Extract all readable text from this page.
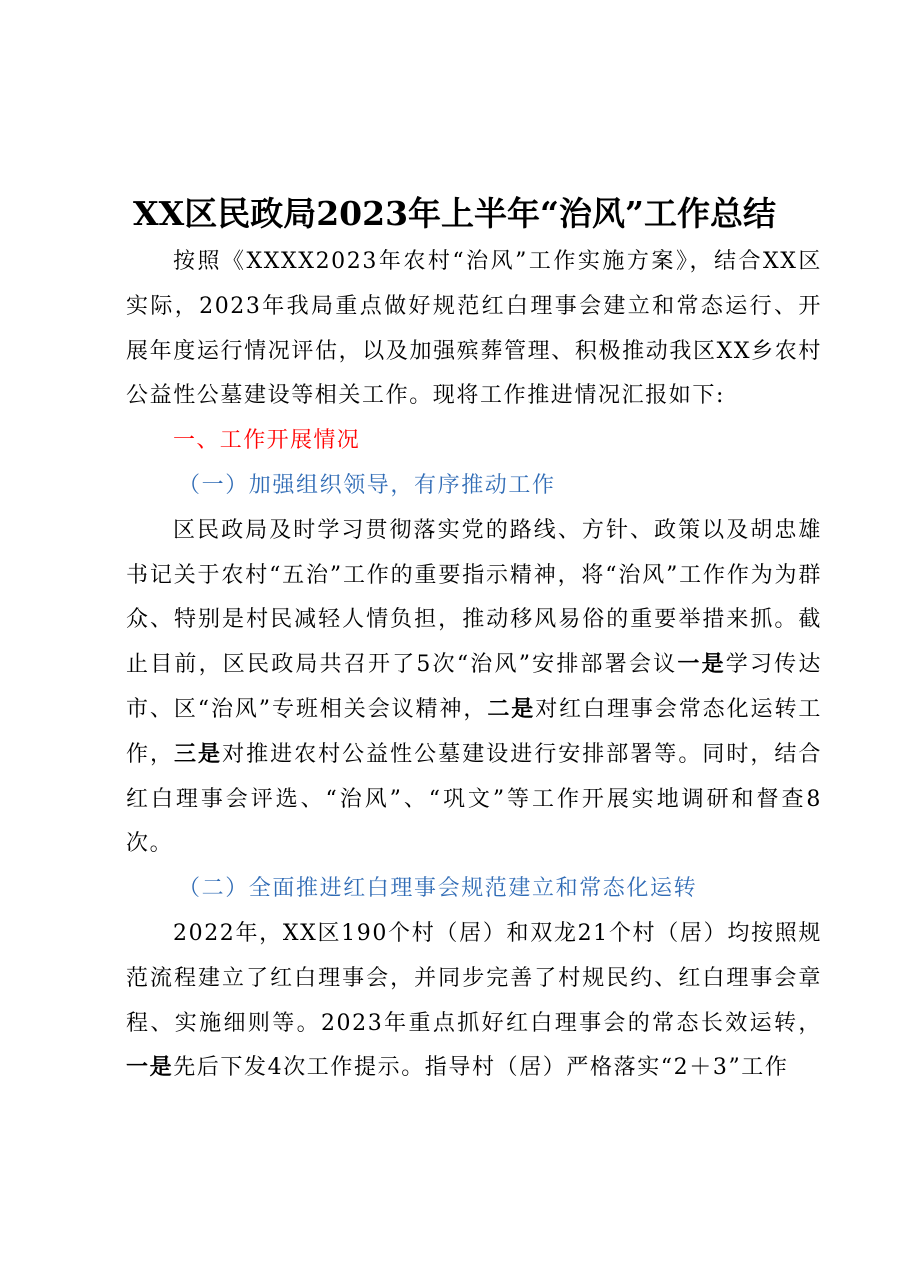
XX区民政局2023年上半年“治风”工作总结

按照《XXXX2023年农村“治风”工作实施方案》，结合XX区实际，2023年我局重点做好规范红白理事会建立和常态运行、开展年度运行情况评估，以及加强殡葬管理、积极推动我区XX乡农村公益性公墓建设等相关工作。现将工作推进情况汇报如下:

一、工作开展情况

（一）加强组织领导，有序推动工作

区民政局及时学习贯彻落实党的路线、方针、政策以及胡忠雄书记关于农村“五治”工作的重要指示精神，将“治风”工作作为为群众、特别是村民减轻人情负担，推动移风易俗的重要举措来抓。截止目前，区民政局共召开了5次“治风”安排部署会议一是学习传达市、区“治风”专班相关会议精神，二是对红白理事会常态化运转工作，三是对推进农村公益性公墓建设进行安排部署等。同时，结合红白理事会评选、“治风”、“巩文”等工作开展实地调研和督查8次。

（二）全面推进红白理事会规范建立和常态化运转

2022年，XX区190个村（居）和双龙21个村（居）均按照规范流程建立了红白理事会，并同步完善了村规民约、红白理事会章程、实施细则等。2023年重点抓好红白理事会的常态长效运转，一是先后下发4次工作提示。指导村（居）严格落实“2＋3”工作
